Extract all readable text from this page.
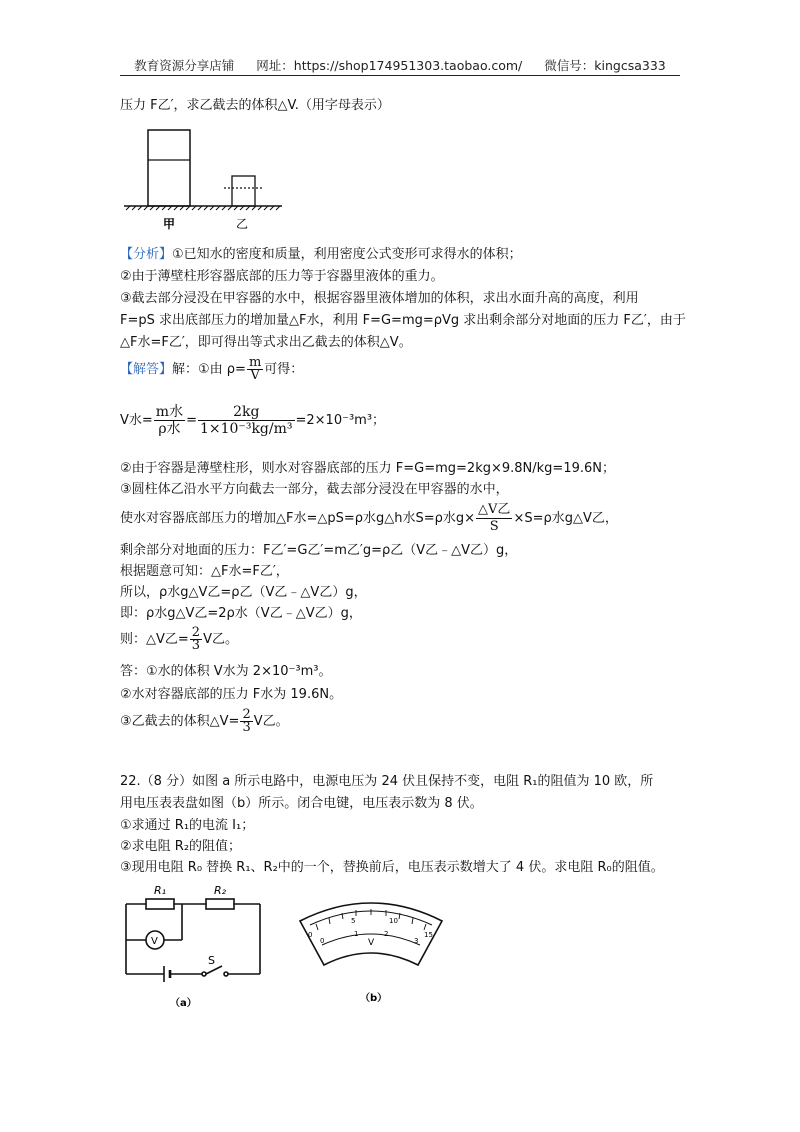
教育资源分享店铺 网址：https://shop174951303.taobao.com/ 微信号：kingcsa333
压力 F乙′，求乙截去的体积△V.（用字母表示）
甲	乙
【分析】①已知水的密度和质量，利用密度公式变形可求得水的体积；
②由于薄壁柱形容器底部的压力等于容器里液体的重力。
③截去部分浸没在甲容器的水中，根据容器里液体增加的体积，求出水面升高的高度，利用
F=pS 求出底部压力的增加量△F水，利用 F=G=mg=ρVg 求出剩余部分对地面的压力 F乙′，由于
△F水=F乙′，即可得出等式求出乙截去的体积△V。
【解答】解：①由 $\rho= \frac{m}{V}$ 可得：
V水= $\frac{\text{m水}}{\text{ρ水}} = \frac{2kg}{\text{1×10⁻³kg/m³}} =2\times 10^{-3}m^3$；
②由于容器是薄壁柱形，则水对容器底部的压力 F=G=mg=2kg×9.8N/kg=19.6N；
③圆柱体乙沿水平方向截去一部分，截去部分浸没在甲容器的水中，
使水对容器底部压力的增加△F水=△pS=ρ水g△h水S=ρ水$g\times \frac{\text{△V乙}}{S} \times S=\rho$水g△V乙，
剩余部分对地面的压力：F乙′=G乙′=m乙′g=ρ乙（V乙﹣△V乙）g，
根据题意可知：△F水=F乙′，
所以，ρ水g△V乙=ρ乙（V乙﹣△V乙）g，
即：ρ水g△V乙=2ρ水（V乙﹣△V乙）g，
则：△V乙= $\frac{2}{3}$ V乙。
答：①水的体积 V水为 2×10⁻³m³。
②水对容器底部的压力 F水为 19.6N。
③乙截去的体积△V= $\frac{2}{3}$ V乙。
22.（8 分）如图 a 所示电路中，电源电压为 24 伏且保持不变，电阻 R₁的阻值为 10 欧，所
用电压表表盘如图（b）所示。闭合电键，电压表示数为 8 伏。
①求通过 R₁的电流 I₁；
②求电阻 R₂的阻值；
③现用电阻 R₀ 替换 R₁、R₂中的一个，替换前后，电压表示数增大了 4 伏。求电阻 R₀的阻值。
R₁	R₂
V
S
（a）
0
5	10
15
0
1	2
3
V
（b）
